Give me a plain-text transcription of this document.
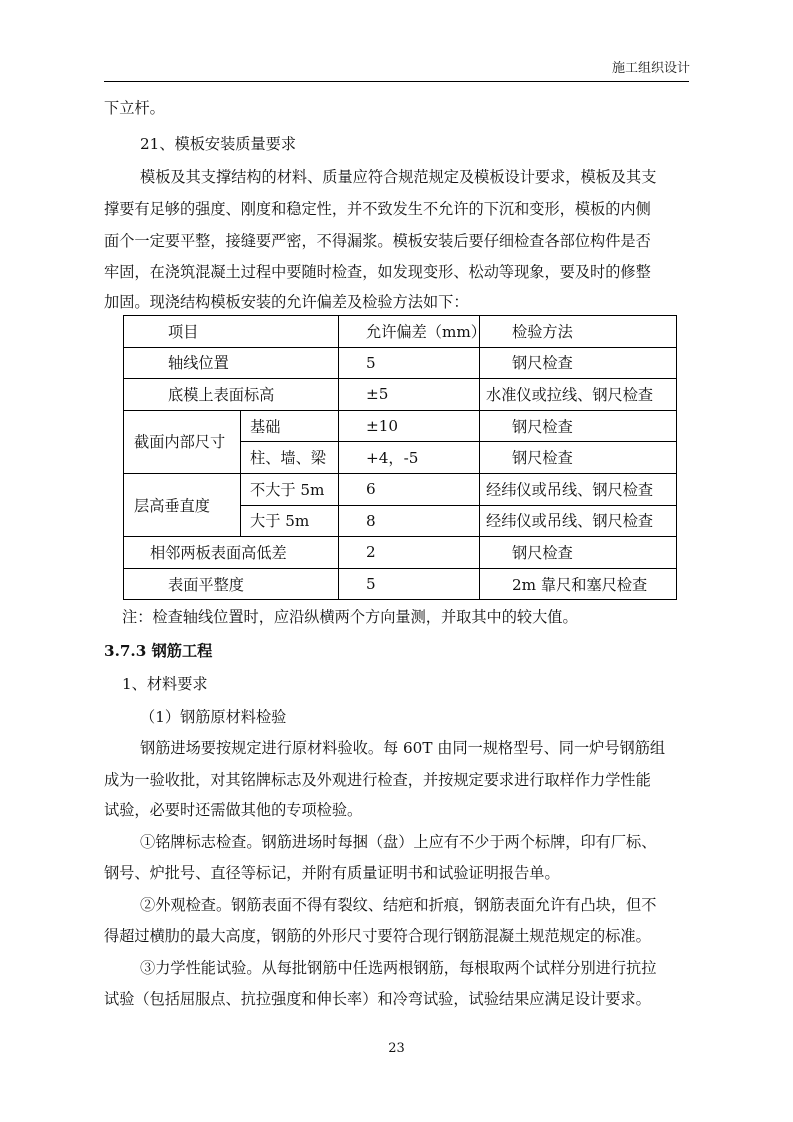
施工组织设计
下立杆。
21、模板安装质量要求
模板及其支撑结构的材料、质量应符合规范规定及模板设计要求，模板及其支
撑要有足够的强度、刚度和稳定性，并不致发生不允许的下沉和变形，模板的内侧
面个一定要平整，接缝要严密，不得漏浆。模板安装后要仔细检查各部位构件是否
牢固，在浇筑混凝土过程中要随时检查，如发现变形、松动等现象，要及时的修整
加固。现浇结构模板安装的允许偏差及检验方法如下：
项目		允许偏差（mm）	检验方法
轴线位置		5	钢尺检查
底模上表面标高		±5	水准仪或拉线、钢尺检查
截面内部尺寸	基础	±10	钢尺检查
	柱、墙、梁	+4，-5	钢尺检查
层高垂直度	不大于 5m	6	经纬仪或吊线、钢尺检查
	大于 5m	8	经纬仪或吊线、钢尺检查
相邻两板表面高低差		2	钢尺检查
表面平整度		5	2m 靠尺和塞尺检查
注：检查轴线位置时，应沿纵横两个方向量测，并取其中的较大值。
3.7.3 钢筋工程
1、材料要求
（1）钢筋原材料检验
钢筋进场要按规定进行原材料验收。每 60T 由同一规格型号、同一炉号钢筋组
成为一验收批，对其铭牌标志及外观进行检查，并按规定要求进行取样作力学性能
试验，必要时还需做其他的专项检验。
①铭牌标志检查。钢筋进场时每捆（盘）上应有不少于两个标牌，印有厂标、
钢号、炉批号、直径等标记，并附有质量证明书和试验证明报告单。
②外观检查。钢筋表面不得有裂纹、结疤和折痕，钢筋表面允许有凸块，但不
得超过横肋的最大高度，钢筋的外形尺寸要符合现行钢筋混凝土规范规定的标准。
③力学性能试验。从每批钢筋中任选两根钢筋，每根取两个试样分别进行抗拉
试验（包括屈服点、抗拉强度和伸长率）和冷弯试验，试验结果应满足设计要求。
23
